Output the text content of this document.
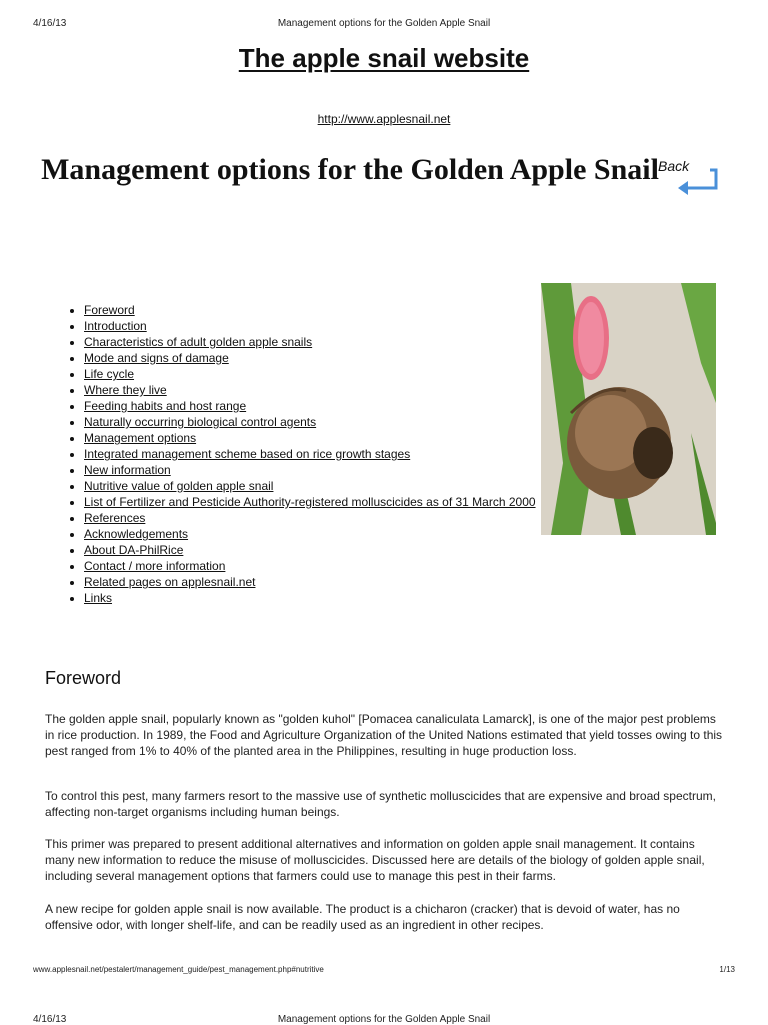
4/16/13	Management options for the Golden Apple Snail
The apple snail website
http://www.applesnail.net
Management options for the Golden Apple Snail Back
• Foreword
• Introduction
• Characteristics of adult golden apple snails
• Mode and signs of damage
• Life cycle
• Where they live
• Feeding habits and host range
• Naturally occurring biological control agents
• Management options
• Integrated management scheme based on rice growth stages
• New information
• Nutritive value of golden apple snail
• List of Fertilizer and Pesticide Authority-registered molluscicides as of 31 March 2000
• References
• Acknowledgements
• About DA-PhilRice
• Contact / more information
• Related pages on applesnail.net
• Links
Foreword

The golden apple snail, popularly known as "golden kuhol" [Pomacea canaliculata Lamarck], is one of the major pest problems in rice production. In 1989, the Food and Agriculture Organization of the United Nations estimated that yield tosses owing to this pest ranged from 1% to 40% of the planted area in the Philippines, resulting in huge production loss.

To control this pest, many farmers resort to the massive use of synthetic molluscicides that are expensive and broad spectrum, affecting non-target organisms including human beings.

This primer was prepared to present additional alternatives and information on golden apple snail management. It contains many new information to reduce the misuse of molluscicides. Discussed here are details of the biology of golden apple snail, including several management options that farmers could use to manage this pest in their farms.

A new recipe for golden apple snail is now available. The product is a chicharon (cracker) that is devoid of water, has no offensive odor, with longer shelf-life, and can be readily used as an ingredient in other recipes.

www.applesnail.net/pestalert/management_guide/pest_management.php#nutritive	1/13
4/16/13	Management options for the Golden Apple Snail
